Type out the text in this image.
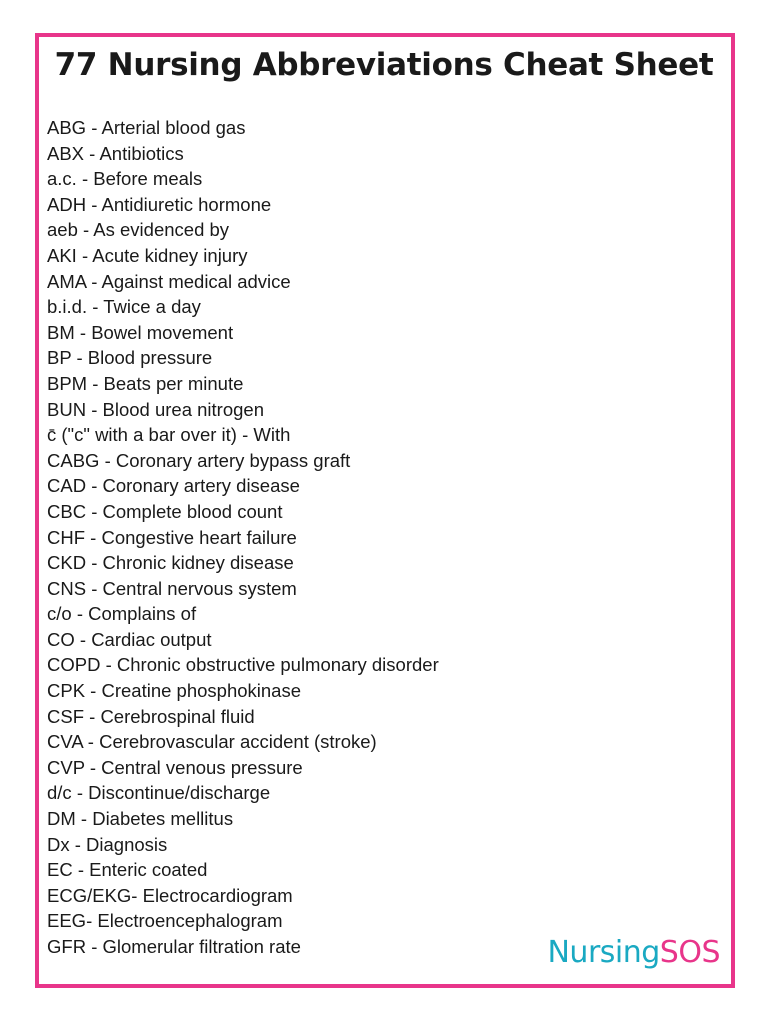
77 Nursing Abbreviations Cheat Sheet
ABG - Arterial blood gas
ABX - Antibiotics
a.c. - Before meals
ADH - Antidiuretic hormone
aeb - As evidenced by
AKI - Acute kidney injury
AMA - Against medical advice
b.i.d. - Twice a day
BM - Bowel movement
BP - Blood pressure
BPM - Beats per minute
BUN - Blood urea nitrogen
c̄ ("c" with a bar over it) - With
CABG - Coronary artery bypass graft
CAD - Coronary artery disease
CBC - Complete blood count
CHF - Congestive heart failure
CKD - Chronic kidney disease
CNS - Central nervous system
c/o - Complains of
CO - Cardiac output
COPD - Chronic obstructive pulmonary disorder
CPK - Creatine phosphokinase
CSF - Cerebrospinal fluid
CVA - Cerebrovascular accident (stroke)
CVP - Central venous pressure
d/c - Discontinue/discharge
DM - Diabetes mellitus
Dx - Diagnosis
EC - Enteric coated
ECG/EKG- Electrocardiogram
EEG- Electroencephalogram
GFR - Glomerular filtration rate	NursingSOS
